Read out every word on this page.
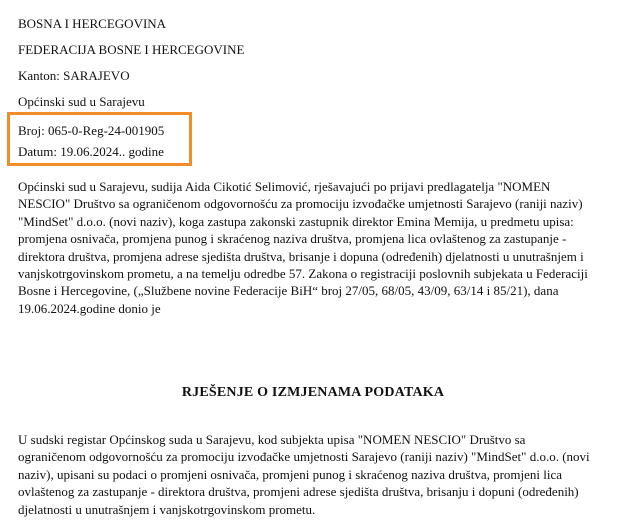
BOSNA I HERCEGOVINA
FEDERACIJA BOSNE I HERCEGOVINE
Kanton: SARAJEVO
Općinski sud u Sarajevu
Broj: 065-0-Reg-24-001905
Datum: 19.06.2024.. godine
Općinski sud u Sarajevu, sudija Aida Cikotić Selimović, rješavajući po prijavi predlagatelja "NOMEN
NESCIO" Društvo sa ograničenom odgovornošću za promociju izvođačke umjetnosti Sarajevo (raniji naziv)
"MindSet" d.o.o. (novi naziv), koga zastupa zakonski zastupnik direktor Emina Memija, u predmetu upisa:
promjena osnivača, promjena punog i skraćenog naziva društva, promjena lica ovlaštenog za zastupanje -
direktora društva, promjena adrese sjedišta društva, brisanje i dopuna (određenih) djelatnosti u unutrašnjem i
vanjskotrgovinskom prometu, a na temelju odredbe 57. Zakona o registraciji poslovnih subjekata u Federaciji
Bosne i Hercegovine, („Službene novine Federacije BiH“ broj 27/05, 68/05, 43/09, 63/14 i 85/21), dana
19.06.2024.godine donio je
RJEŠENJE O IZMJENAMA PODATAKA
U sudski registar Općinskog suda u Sarajevu, kod subjekta upisa "NOMEN NESCIO" Društvo sa
ograničenom odgovornošću za promociju izvođačke umjetnosti Sarajevo (raniji naziv) "MindSet" d.o.o. (novi
naziv), upisani su podaci o promjeni osnivača, promjeni punog i skraćenog naziva društva, promjeni lica
ovlaštenog za zastupanje - direktora društva, promjeni adrese sjedišta društva, brisanju i dopuni (određenih)
djelatnosti u unutrašnjem i vanjskotrgovinskom prometu.
